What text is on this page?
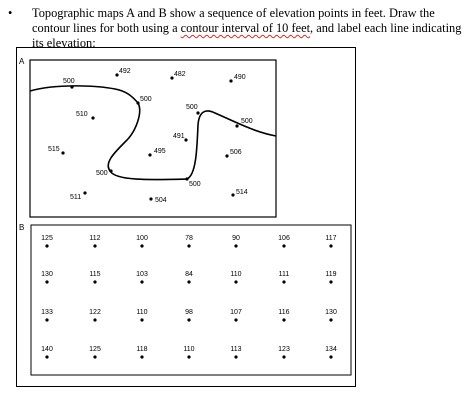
• Topographic maps A and B show a sequence of elevation points in feet. Draw the contour lines for both using a contour interval of 10 feet, and label each line indicating its elevation:
A
500
492	482	490
510
500
500
500
491
515	495	506
500
500
511	504
514
B
125	112	100	78	90	106	117
130	115	103	84	110	111	119
133	122	110	98	107	116	130
140	125	118	110	113	123	134
